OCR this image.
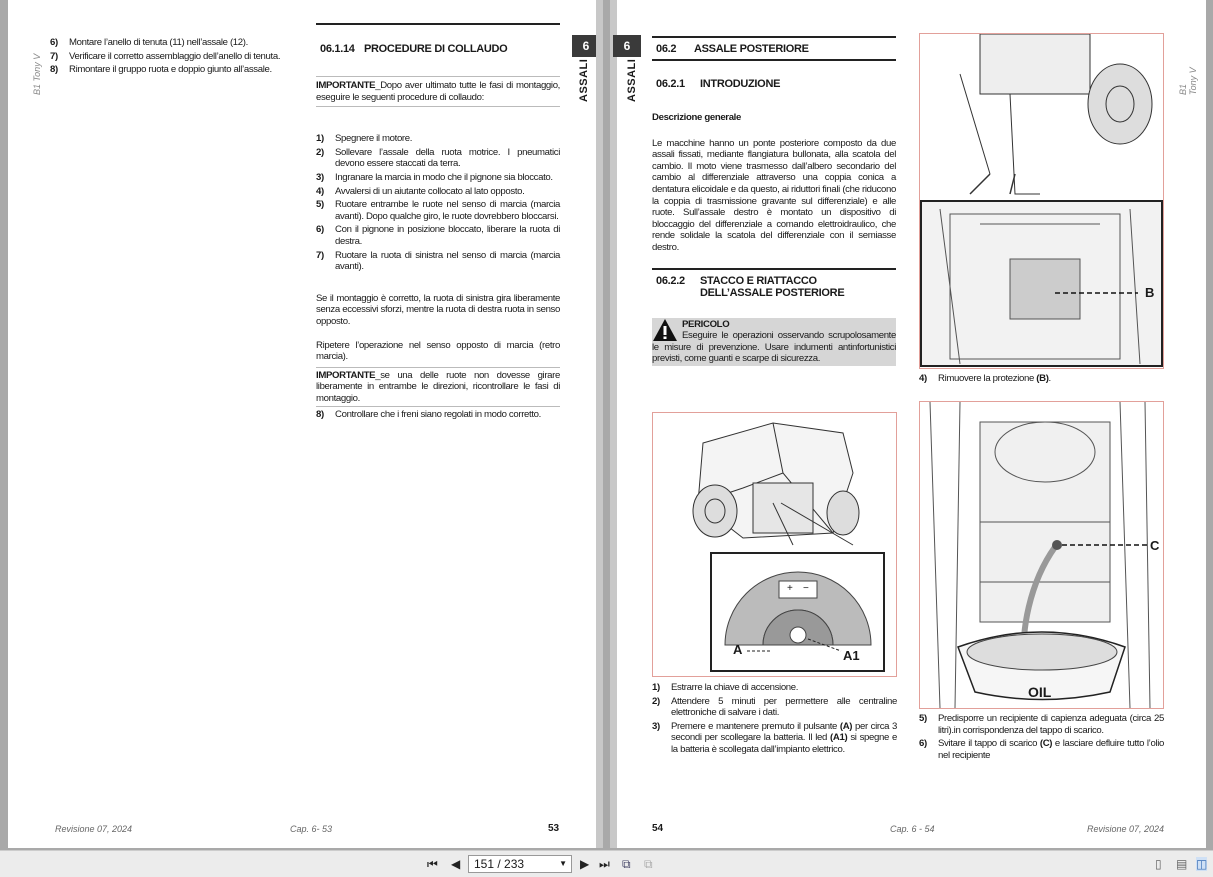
B1 Tony V
6)	Montare l’anello di tenuta (11) nell’assale (12).
7)	Verificare il corretto assemblaggio dell’anello di tenuta.
8)	Rimontare il gruppo ruota e doppio giunto all’assale.
06.1.14 PROCEDURE DI COLLAUDO
IMPORTANTE_Dopo aver ultimato tutte le fasi di montaggio, eseguire le seguenti procedure di collaudo:
1)	Spegnere il motore.
2)	Sollevare l’assale della ruota motrice. I pneumatici devono essere staccati da terra.
3)	Ingranare la marcia in modo che il pignone sia bloccato.
4)	Avvalersi di un aiutante collocato al lato opposto.
5)	Ruotare entrambe le ruote nel senso di marcia (marcia avanti). Dopo qualche giro, le ruote dovrebbero bloccarsi.
6)	Con il pignone in posizione bloccato, liberare la ruota di destra.
7)	Ruotare la ruota di sinistra nel senso di marcia (marcia avanti).

Se il montaggio è corretto, la ruota di sinistra gira liberamente senza eccessivi sforzi, mentre la ruota di destra ruota in senso opposto.

Ripetere l’operazione nel senso opposto di marcia (retro marcia).

IMPORTANTE_se una delle ruote non dovesse girare liberamente in entrambe le direzioni, ricontrollare le fasi di montaggio.
8)	Controllare che i freni siano regolati in modo corretto.
6
ASSALI
Revisione 07, 2024	Cap. 6- 53	53
6
ASSALI	B1 Tony V
06.2 ASSALE POSTERIORE
06.2.1 INTRODUZIONE
Descrizione generale

Le macchine hanno un ponte posteriore composto da due assali fissati, mediante flangiatura bullonata, alla scatola del cambio. Il moto viene trasmesso dall’albero secondario del cambio al differenziale attraverso una coppia conica a dentatura elicoidale e da questo, ai riduttori finali (che riducono la coppia di trasmissione gravante sul differenziale) e alle ruote. Sull’assale destro è montato un dispositivo di bloccaggio del differenziale a comando elettroidraulico, che rende solidale la scatola del differenziale con il semiasse destro.

06.2.2	STACCO E RIATTACCO DELL’ASSALE POSTERIORE
PERICOLO
Eseguire le operazioni osservando scrupolosamente le misure di prevenzione. Usare indumenti antinfortunistici previsti, come guanti e scarpe di sicurezza.
+ −
A	A1
1)	Estrarre la chiave di accensione.
2)	Attendere 5 minuti per permettere alle centraline elettroniche di salvare i dati.
3)	Premere e mantenere premuto il pulsante (A) per circa 3 secondi per scollegare la batteria. Il led (A1) si spegne e la batteria è scollegata dall’impianto elettrico.
B
4)	Rimuovere la protezione (B).
C
OIL
5)	Predisporre un recipiente di capienza adeguata (circa 25 litri).in corrispondenza del tappo di scarico.
6)	Svitare il tappo di scarico (C) e lasciare defluire tutto l’olio nel recipiente
54	Cap. 6 - 54	Revisione 07, 2024
⏮ ◀	151 / 233	▼ ▶ ⏭ ⧉ ⧉	▯ ▤ ◫
